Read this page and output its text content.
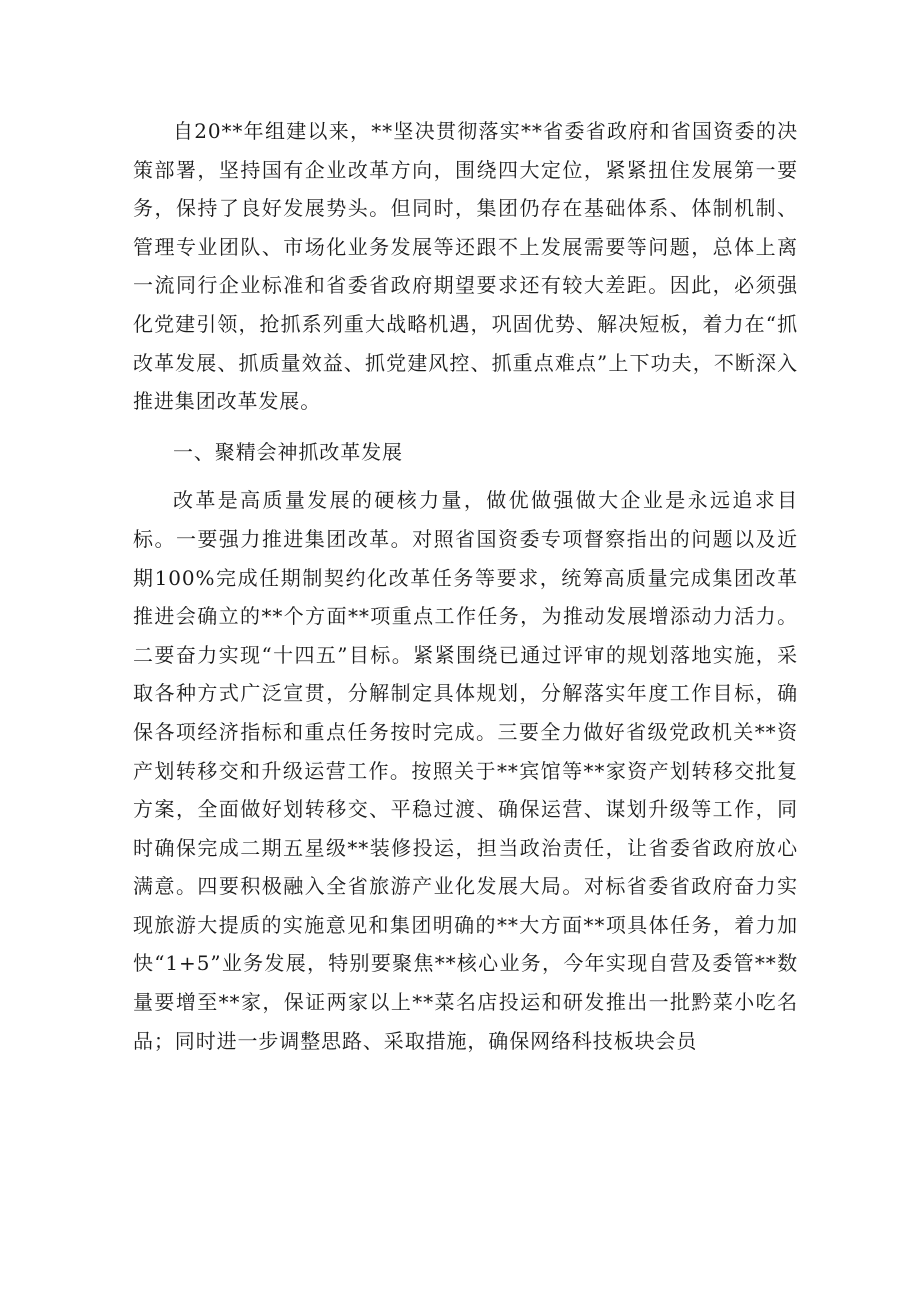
自20**年组建以来，**坚决贯彻落实**省委省政府和省国资委的决策部署，坚持国有企业改革方向，围绕四大定位，紧紧扭住发展第一要务，保持了良好发展势头。但同时，集团仍存在基础体系、体制机制、管理专业团队、市场化业务发展等还跟不上发展需要等问题，总体上离一流同行企业标准和省委省政府期望要求还有较大差距。因此，必须强化党建引领，抢抓系列重大战略机遇，巩固优势、解决短板，着力在“抓改革发展、抓质量效益、抓党建风控、抓重点难点”上下功夫，不断深入推进集团改革发展。

一、聚精会神抓改革发展

改革是高质量发展的硬核力量，做优做强做大企业是永远追求目标。一要强力推进集团改革。对照省国资委专项督察指出的问题以及近期100%完成任期制契约化改革任务等要求，统筹高质量完成集团改革推进会确立的**个方面**项重点工作任务，为推动发展增添动力活力。二要奋力实现“十四五”目标。紧紧围绕已通过评审的规划落地实施，采取各种方式广泛宣贯，分解制定具体规划，分解落实年度工作目标，确保各项经济指标和重点任务按时完成。三要全力做好省级党政机关**资产划转移交和升级运营工作。按照关于**宾馆等**家资产划转移交批复方案，全面做好划转移交、平稳过渡、确保运营、谋划升级等工作，同时确保完成二期五星级**装修投运，担当政治责任，让省委省政府放心满意。四要积极融入全省旅游产业化发展大局。对标省委省政府奋力实现旅游大提质的实施意见和集团明确的**大方面**项具体任务，着力加快“1+5”业务发展，特别要聚焦**核心业务，今年实现自营及委管**数量要增至**家，保证两家以上**菜名店投运和研发推出一批黔菜小吃名品；同时进一步调整思路、采取措施，确保网络科技板块会员
